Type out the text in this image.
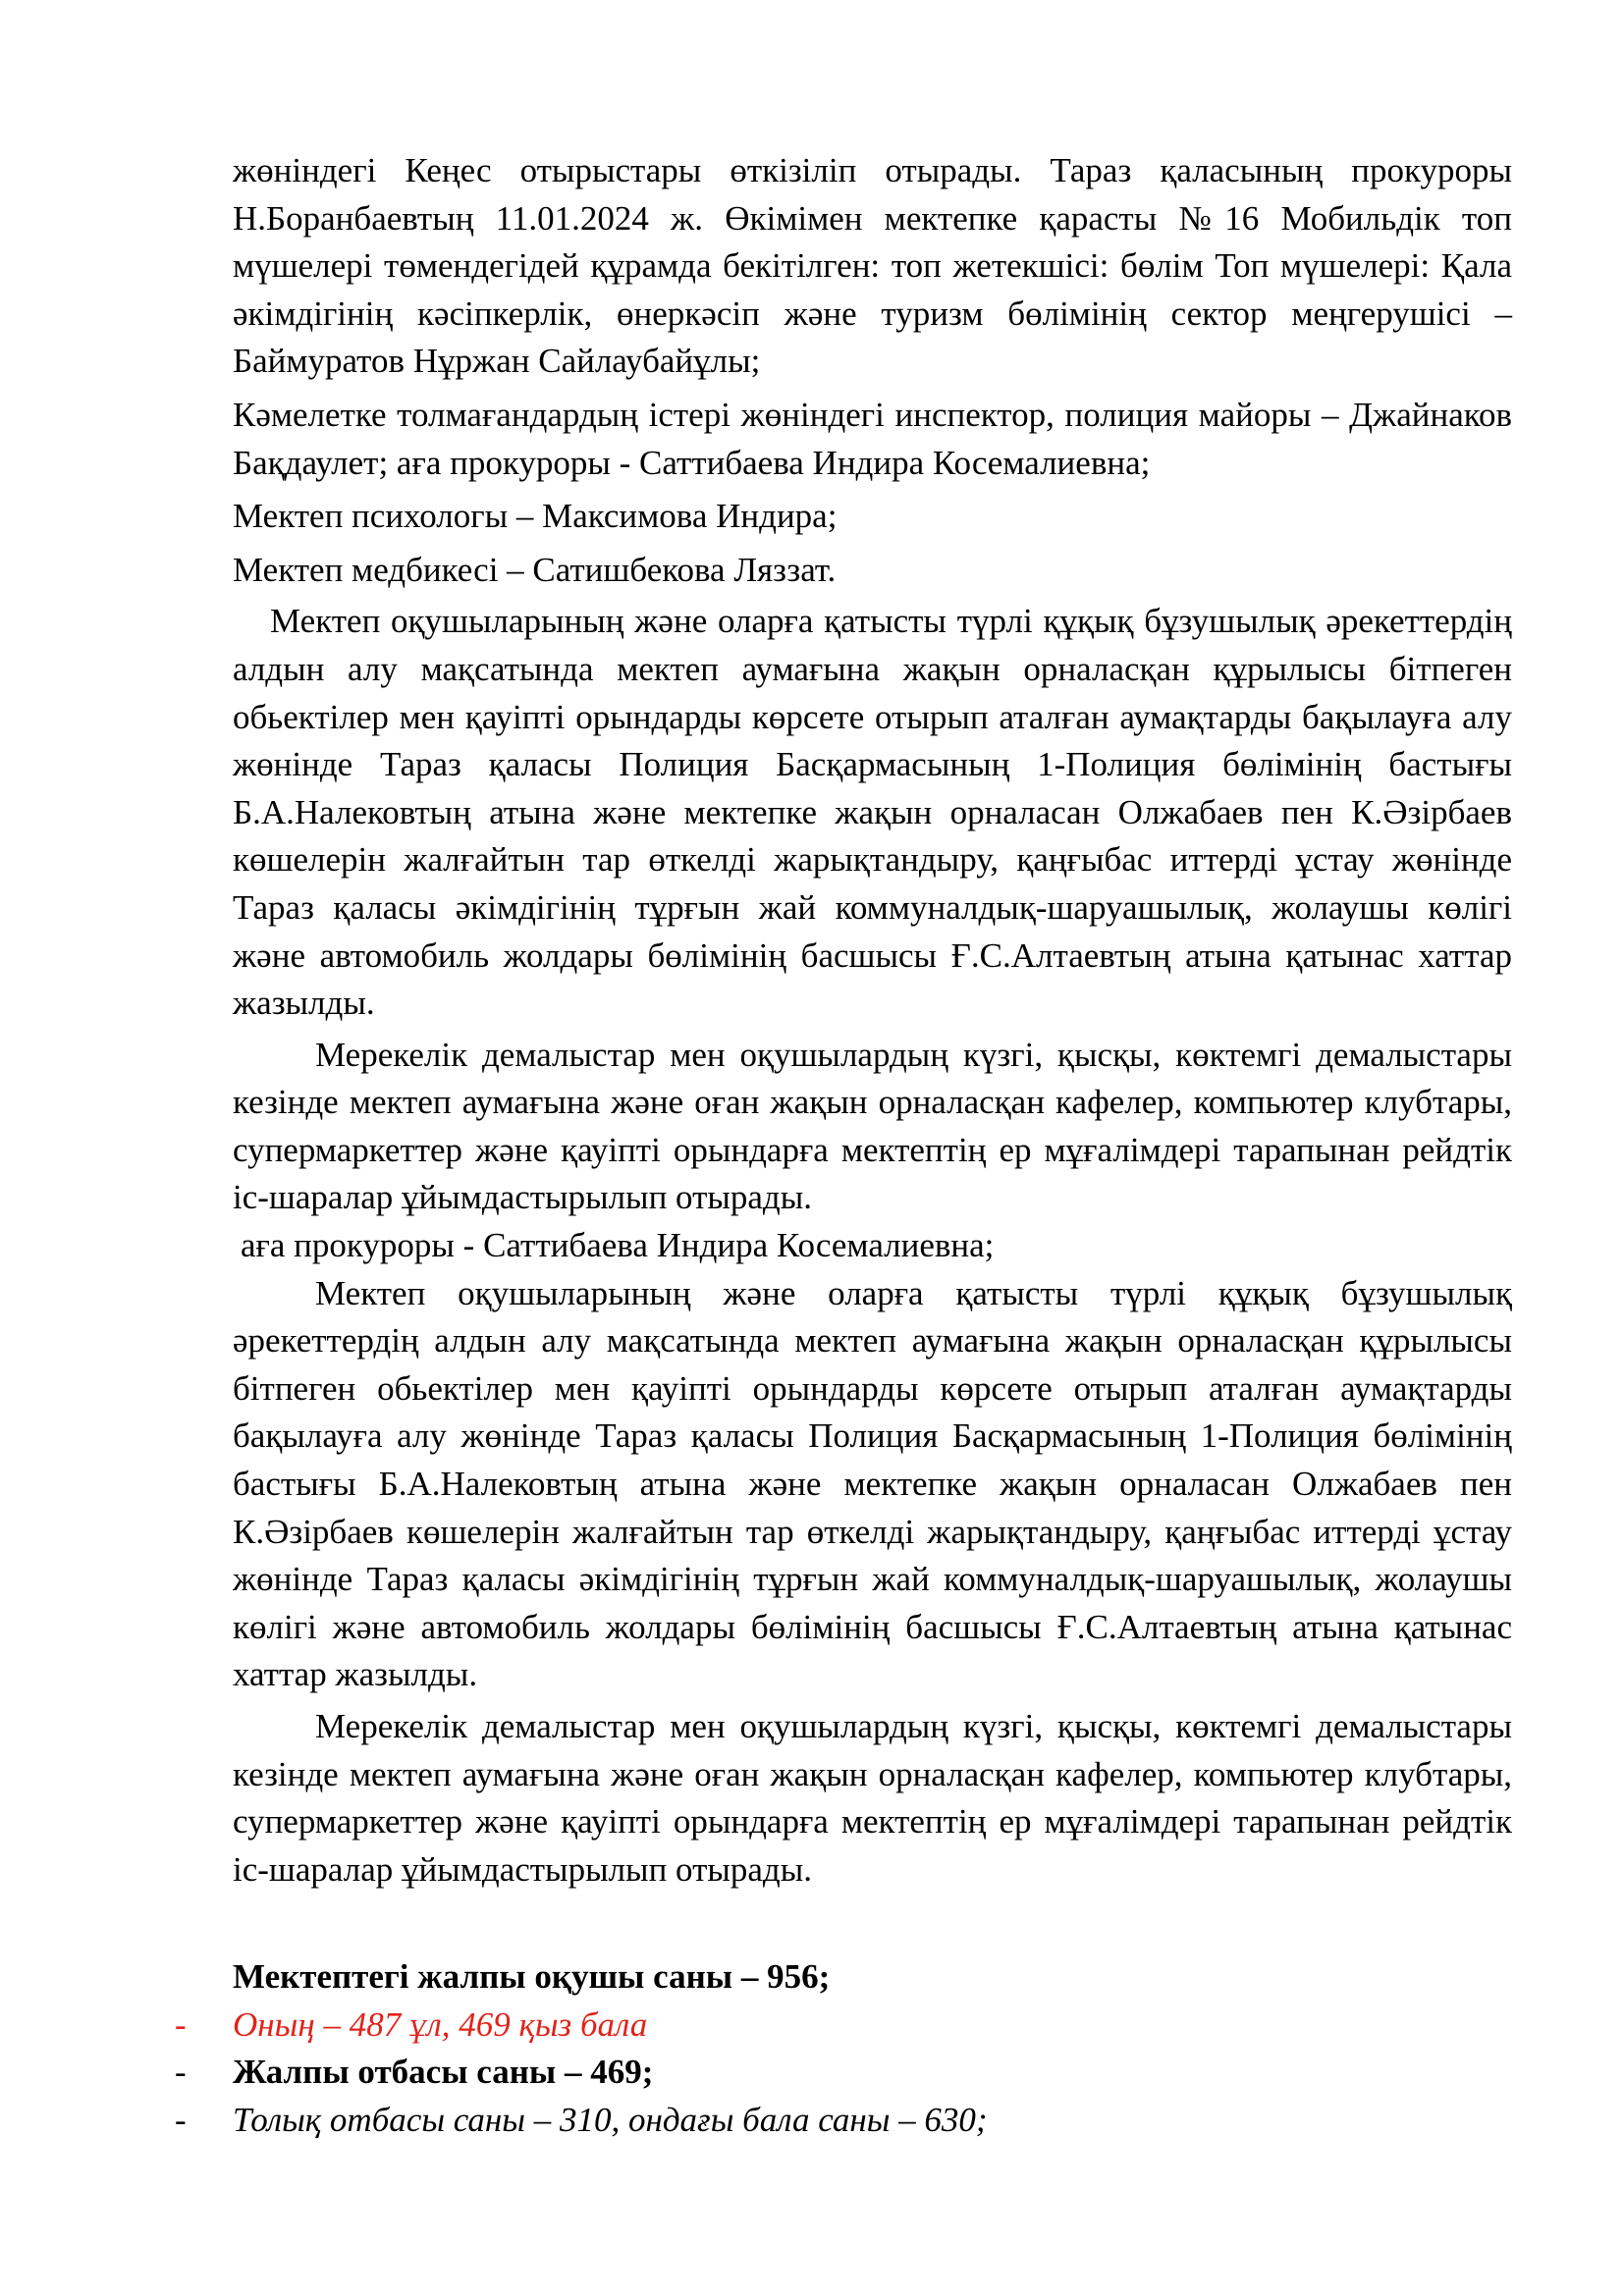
жөніндегі Кеңес отырыстары өткізіліп отырады. Тараз қаласының прокуроры Н.Боранбаевтың 11.01.2024 ж. Өкімімен мектепке қарасты №16 Мобильдік топ мүшелері төмендегідей құрамда бекітілген: топ жетекшісі: бөлім Топ мүшелері: Қала әкімдігінің кәсіпкерлік, өнеркәсіп және туризм бөлімінің сектор меңгерушісі – Баймуратов Нұржан Сайлаубайұлы;

Кәмелетке толмағандардың істері жөніндегі инспектор, полиция майоры – Джайнаков Бақдаулет; аға прокуроры - Саттибаева Индира Косемалиевна;

Мектеп психологы – Максимова Индира;

Мектеп медбикесі – Сатишбекова Ляззат.

Мектеп оқушыларының және оларға қатысты түрлі құқық бұзушылық әрекеттердің алдын алу мақсатында мектеп аумағына жақын орналасқан құрылысы бітпеген обьектілер мен қауіпті орындарды көрсете отырып аталған аумақтарды бақылауға алу жөнінде Тараз қаласы Полиция Басқармасының 1-Полиция бөлімінің бастығы Б.А.Налековтың атына және мектепке жақын орналасан Олжабаев пен К.Әзірбаев көшелерін жалғайтын тар өткелді жарықтандыру, қаңғыбас иттерді ұстау жөнінде Тараз қаласы әкімдігінің тұрғын жай коммуналдық-шаруашылық, жолаушы көлігі және автомобиль жолдары бөлімінің басшысы Ғ.С.Алтаевтың атына қатынас хаттар жазылды.

Мерекелік демалыстар мен оқушылардың күзгі, қысқы, көктемгі демалыстары кезінде мектеп аумағына және оған жақын орналасқан кафелер, компьютер клубтары, супермаркеттер және қауіпті орындарға мектептің ер мұғалімдері тарапынан рейдтік іс-шаралар ұйымдастырылып отырады.

аға прокуроры - Саттибаева Индира Косемалиевна;

Мектеп оқушыларының және оларға қатысты түрлі құқық бұзушылық әрекеттердің алдын алу мақсатында мектеп аумағына жақын орналасқан құрылысы бітпеген обьектілер мен қауіпті орындарды көрсете отырып аталған аумақтарды бақылауға алу жөнінде Тараз қаласы Полиция Басқармасының 1-Полиция бөлімінің бастығы Б.А.Налековтың атына және мектепке жақын орналасан Олжабаев пен К.Әзірбаев көшелерін жалғайтын тар өткелді жарықтандыру, қаңғыбас иттерді ұстау жөнінде Тараз қаласы әкімдігінің тұрғын жай коммуналдық-шаруашылық, жолаушы көлігі және автомобиль жолдары бөлімінің басшысы Ғ.С.Алтаевтың атына қатынас хаттар жазылды.

Мерекелік демалыстар мен оқушылардың күзгі, қысқы, көктемгі демалыстары кезінде мектеп аумағына және оған жақын орналасқан кафелер, компьютер клубтары, супермаркеттер және қауіпті орындарға мектептің ер мұғалімдері тарапынан рейдтік іс-шаралар ұйымдастырылып отырады.

Мектептегі жалпы оқушы саны – 956;
-	Оның – 487 ұл, 469 қыз бала
-	Жалпы отбасы саны – 469;
-	Толық отбасы саны – 310, ондағы бала саны – 630;
